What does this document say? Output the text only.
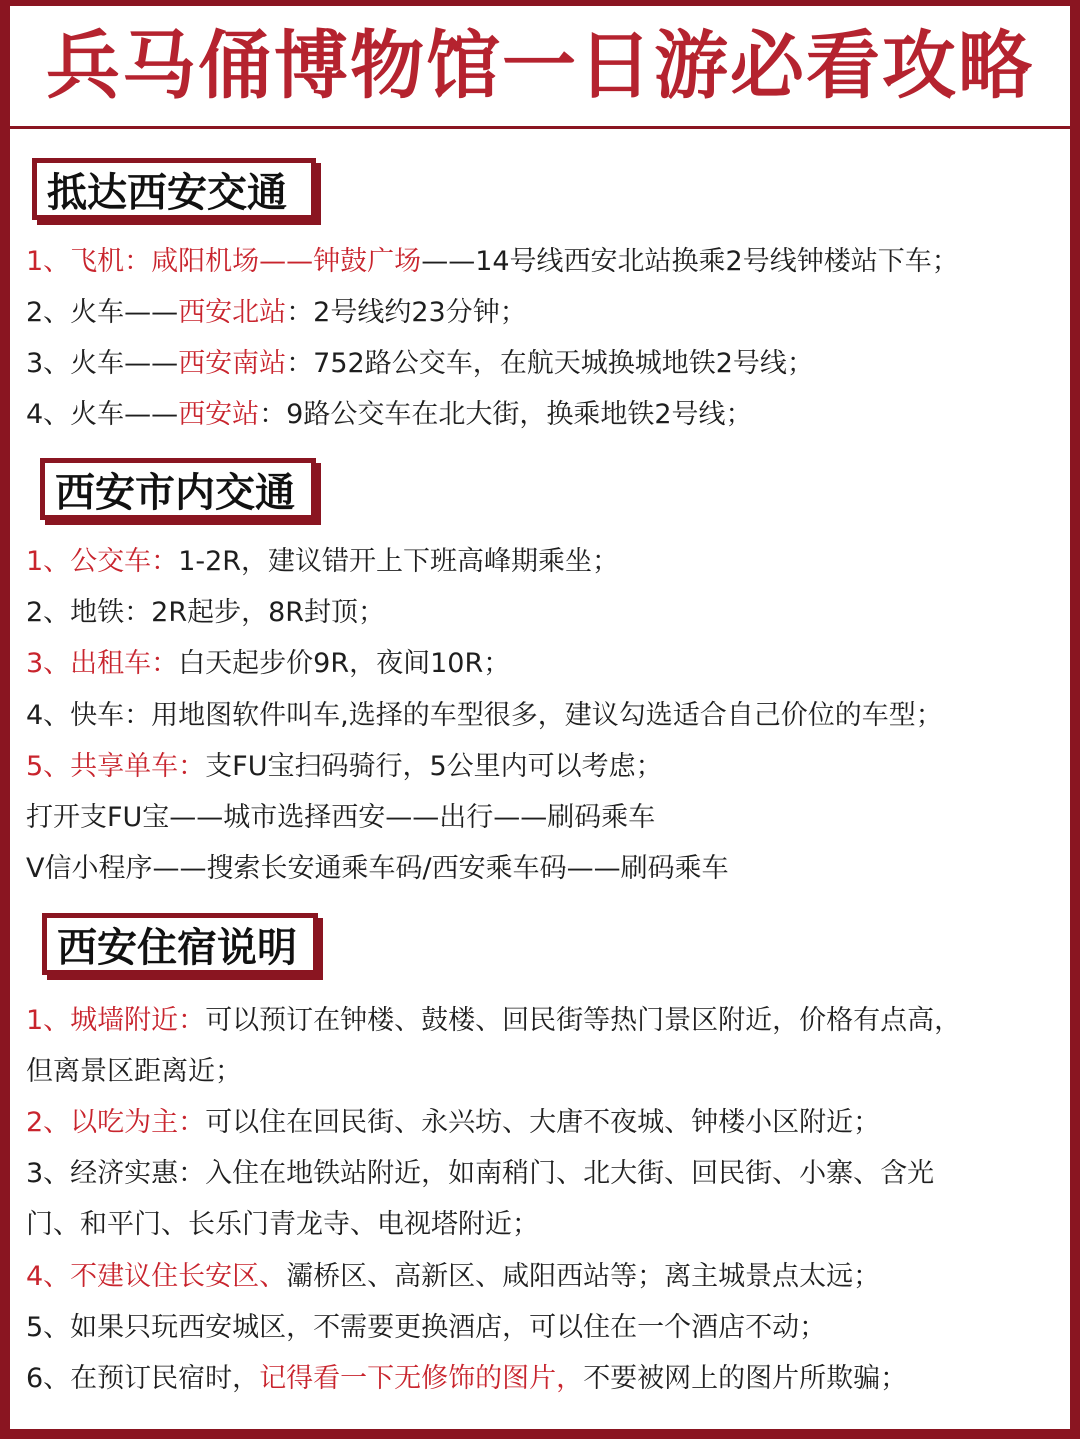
兵马俑博物馆一日游必看攻略
抵达西安交通
1、飞机：咸阳机场——钟鼓广场——14号线西安北站换乘2号线钟楼站下车；
2、火车——西安北站：2号线约23分钟；
3、火车——西安南站：752路公交车，在航天城换城地铁2号线；
4、火车——西安站：9路公交车在北大街，换乘地铁2号线；
西安市内交通
1、公交车：1-2R，建议错开上下班高峰期乘坐；
2、地铁：2R起步，8R封顶；
3、出租车：白天起步价9R，夜间10R；
4、快车：用地图软件叫车,选择的车型很多，建议勾选适合自己价位的车型；
5、共享单车：支FU宝扫码骑行，5公里内可以考虑；
打开支FU宝——城市选择西安——出行——刷码乘车
V信小程序——搜索长安通乘车码/西安乘车码——刷码乘车
西安住宿说明
1、城墙附近：可以预订在钟楼、鼓楼、回民街等热门景区附近，价格有点高，
但离景区距离近；
2、以吃为主：可以住在回民街、永兴坊、大唐不夜城、钟楼小区附近；
3、经济实惠：入住在地铁站附近，如南稍门、北大街、回民街、小寨、含光
门、和平门、长乐门青龙寺、电视塔附近；
4、不建议住长安区、灞桥区、高新区、咸阳西站等；离主城景点太远；
5、如果只玩西安城区，不需要更换酒店，可以住在一个酒店不动；
6、在预订民宿时，记得看一下无修饰的图片，不要被网上的图片所欺骗；
